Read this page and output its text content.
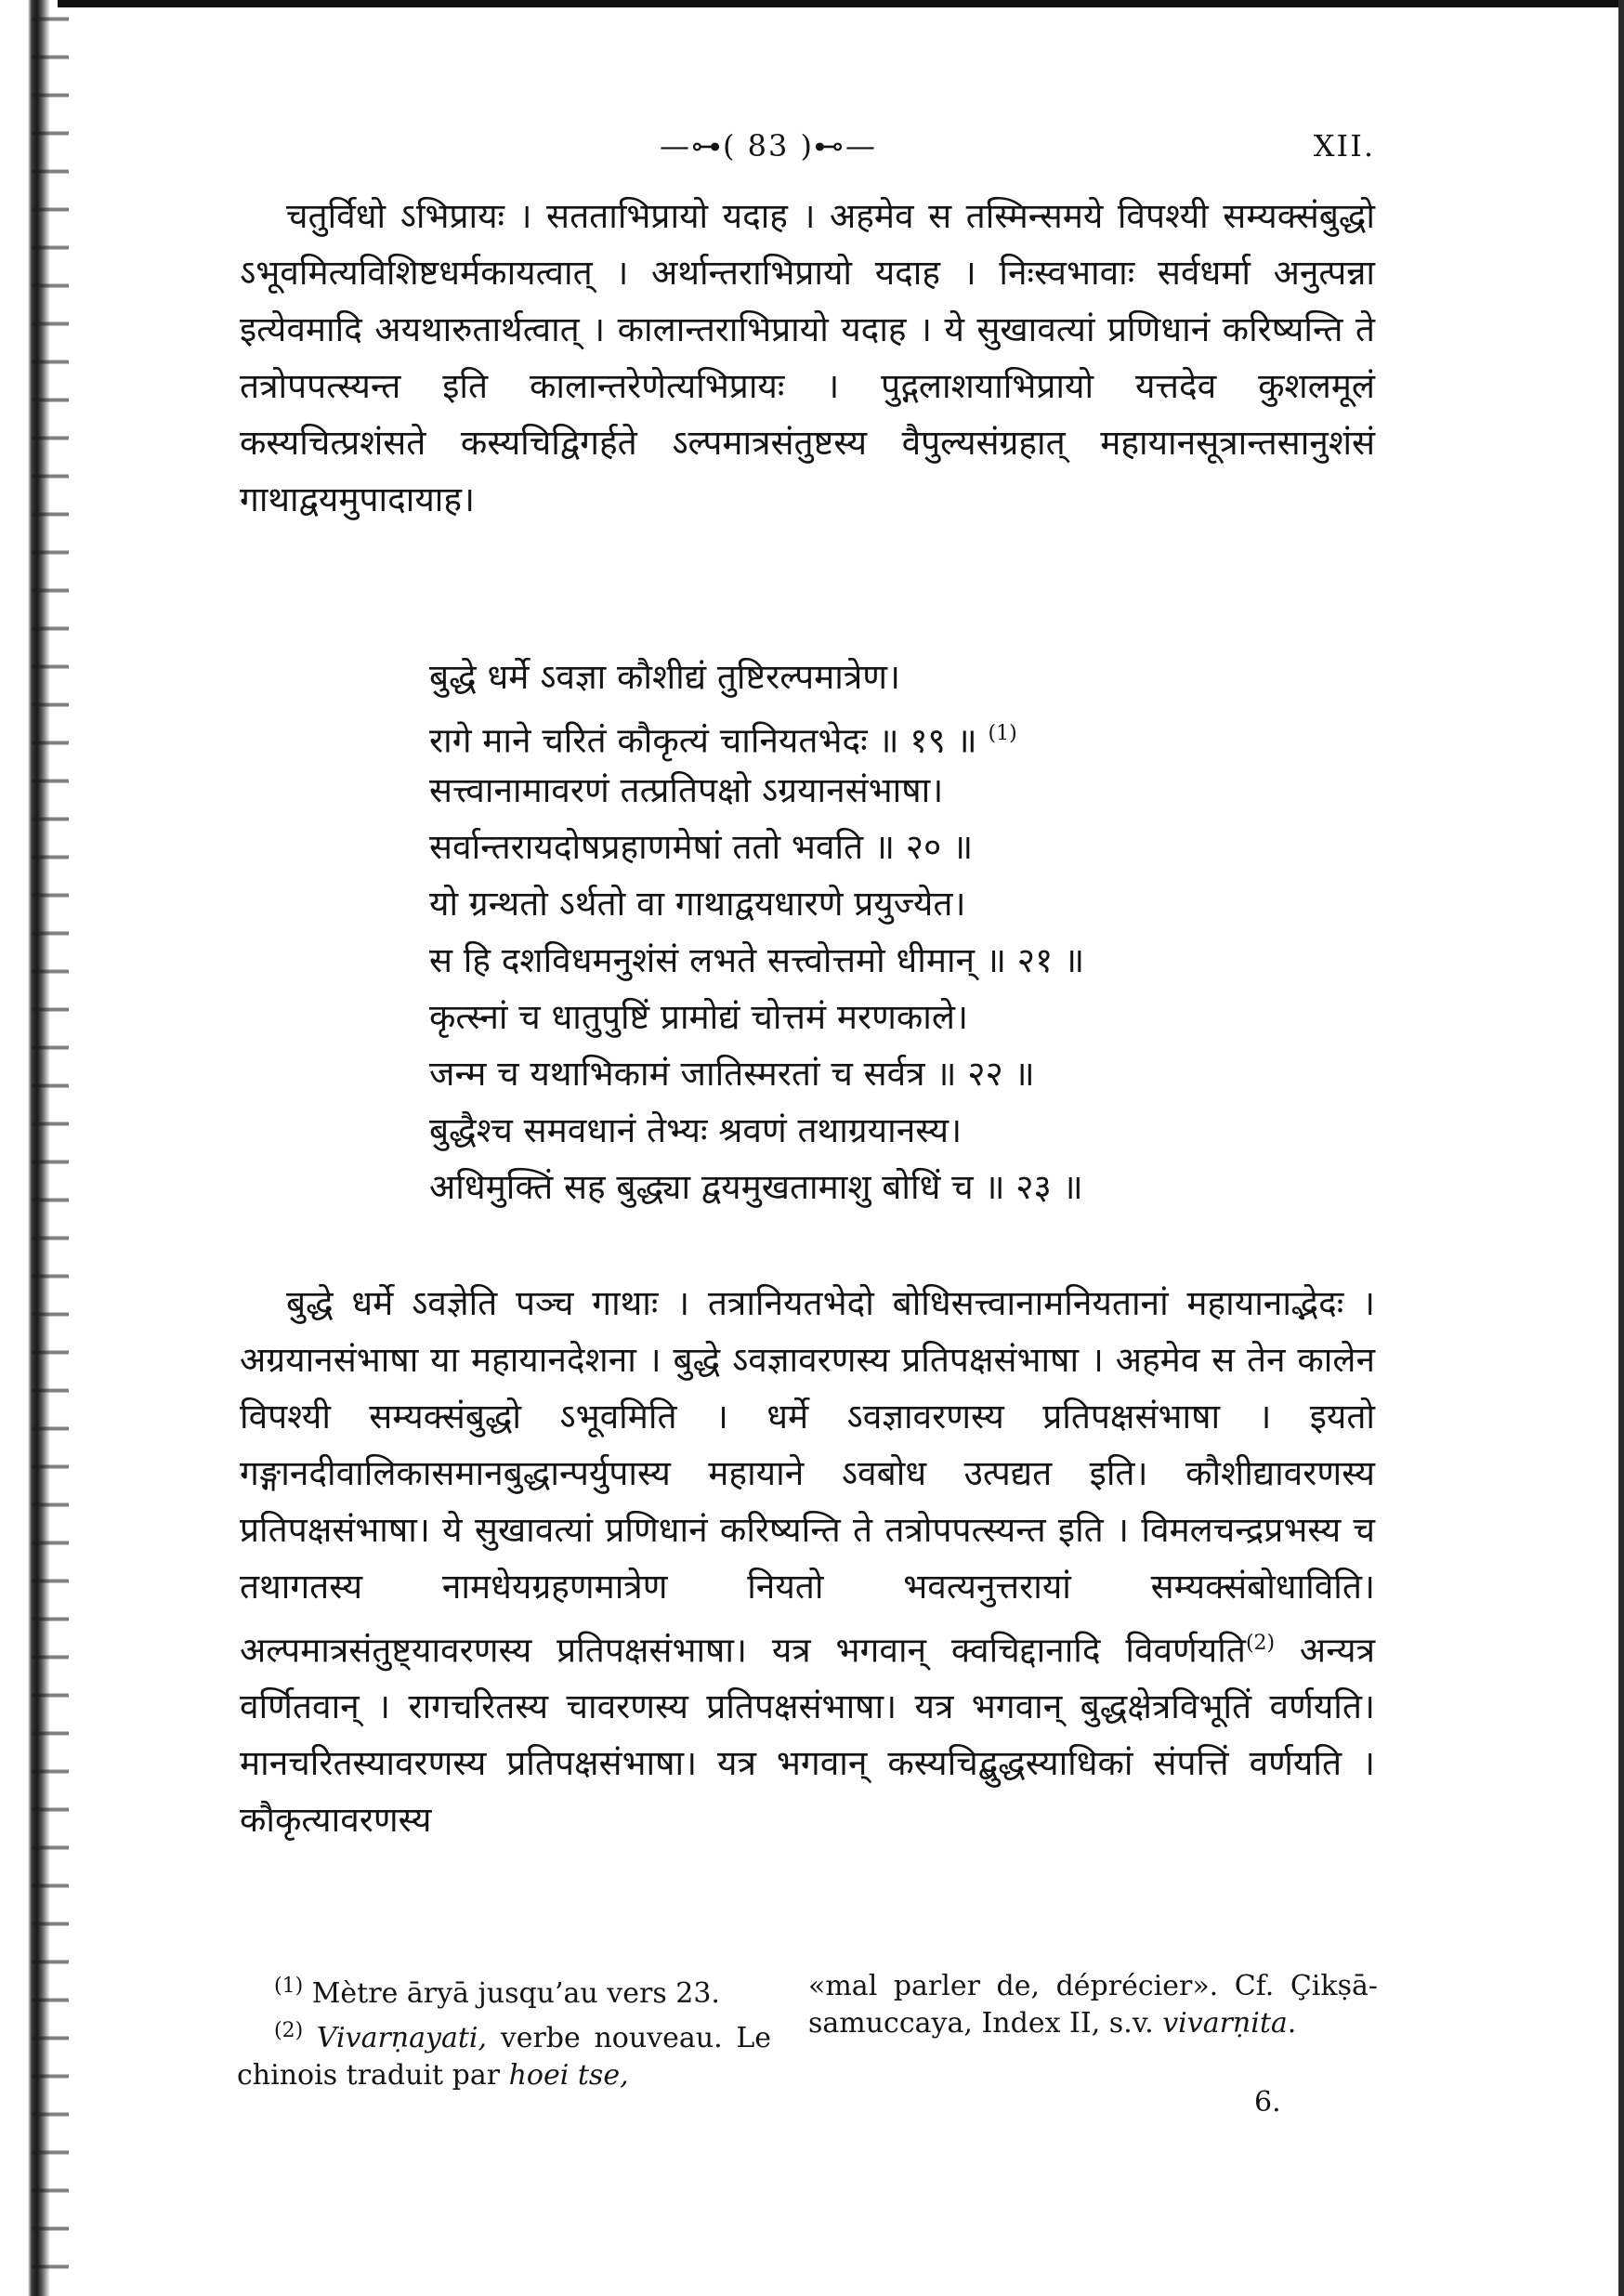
—⊶( 83 )⊷—	XII.

चतुर्विधो ऽभिप्रायः । सतताभिप्रायो यदाह । अहमेव स तस्मिन्समये विपश्यी सम्यक्संबुद्धो ऽभूवमित्यविशिष्टधर्मकायत्वात् । अर्थान्तराभिप्रायो यदाह । निःस्वभावाः सर्वधर्मा अनुत्पन्ना इत्येवमादि अयथारुतार्थत्वात् । कालान्तराभिप्रायो यदाह । ये सुखावत्यां प्रणिधानं करिष्यन्ति ते तत्रोपपत्स्यन्त इति कालान्तरेणेत्यभिप्रायः । पुद्गलाशयाभिप्रायो यत्तदेव कुशलमूलं कस्यचित्प्रशंसते कस्यचिद्विगर्हते ऽल्पमात्रसंतुष्टस्य वैपुल्यसंग्रहात् महायानसूत्रान्तसानुशंसं गाथाद्वयमुपादायाह।

बुद्धे धर्मे ऽवज्ञा कौशीद्यं तुष्टिरल्पमात्रेण।
रागे माने चरितं कौकृत्यं चानियतभेदः ॥ १९ ॥ $^{(1)}$
सत्त्वानामावरणं तत्प्रतिपक्षो ऽग्रयानसंभाषा।
सर्वान्तरायदोषप्रहाणमेषां ततो भवति ॥ २० ॥
यो ग्रन्थतो ऽर्थतो वा गाथाद्वयधारणे प्रयुज्येत।
स हि दशविधमनुशंसं लभते सत्त्वोत्तमो धीमान् ॥ २१ ॥
कृत्स्नां च धातुपुष्टिं प्रामोद्यं चोत्तमं मरणकाले।
जन्म च यथाभिकामं जातिस्मरतां च सर्वत्र ॥ २२ ॥
बुद्धैश्च समवधानं तेभ्यः श्रवणं तथाग्रयानस्य।
अधिमुक्तिं सह बुद्ध्या द्वयमुखतामाशु बोधिं च ॥ २३ ॥

बुद्धे धर्मे ऽवज्ञेति पञ्च गाथाः । तत्रानियतभेदो बोधिसत्त्वानामनियतानां महायानाद्भेदः । अग्रयानसंभाषा या महायानदेशना । बुद्धे ऽवज्ञावरणस्य प्रतिपक्षसंभाषा । अहमेव स तेन कालेन विपश्यी सम्यक्संबुद्धो ऽभूवमिति । धर्मे ऽवज्ञावरणस्य प्रतिपक्षसंभाषा । इयतो गङ्गानदीवालिकासमानबुद्धान्पर्युपास्य महायाने ऽवबोध उत्पद्यत इति। कौशीद्यावरणस्य प्रतिपक्षसंभाषा। ये सुखावत्यां प्रणिधानं करिष्यन्ति ते तत्रोपपत्स्यन्त इति । विमलचन्द्रप्रभस्य च तथागतस्य नामधेयग्रहणमात्रेण नियतो भवत्यनुत्तरायां सम्यक्संबोधाविति। अल्पमात्रसंतुष्ट्यावरणस्य प्रतिपक्षसंभाषा। यत्र भगवान् क्वचिद्दानादि विवर्णयति$^{(2)}$ अन्यत्र वर्णितवान् । रागचरितस्य चावरणस्य प्रतिपक्षसंभाषा। यत्र भगवान् बुद्धक्षेत्रविभूतिं वर्णयति। मानचरितस्यावरणस्य प्रतिपक्षसंभाषा। यत्र भगवान् कस्यचिद्बुद्धस्याधिकां संपत्तिं वर्णयति । कौकृत्यावरणस्य

$^{(1)}$ Mètre āryā jusqu’au vers 23.

$^{(2)}$ Vivarṇayati, verbe nouveau. Le chinois traduit par hoei tse,

«mal parler de, déprécier». Cf. Çikṣā-samuccaya, Index II, s.v. vivarṇita.

6.
